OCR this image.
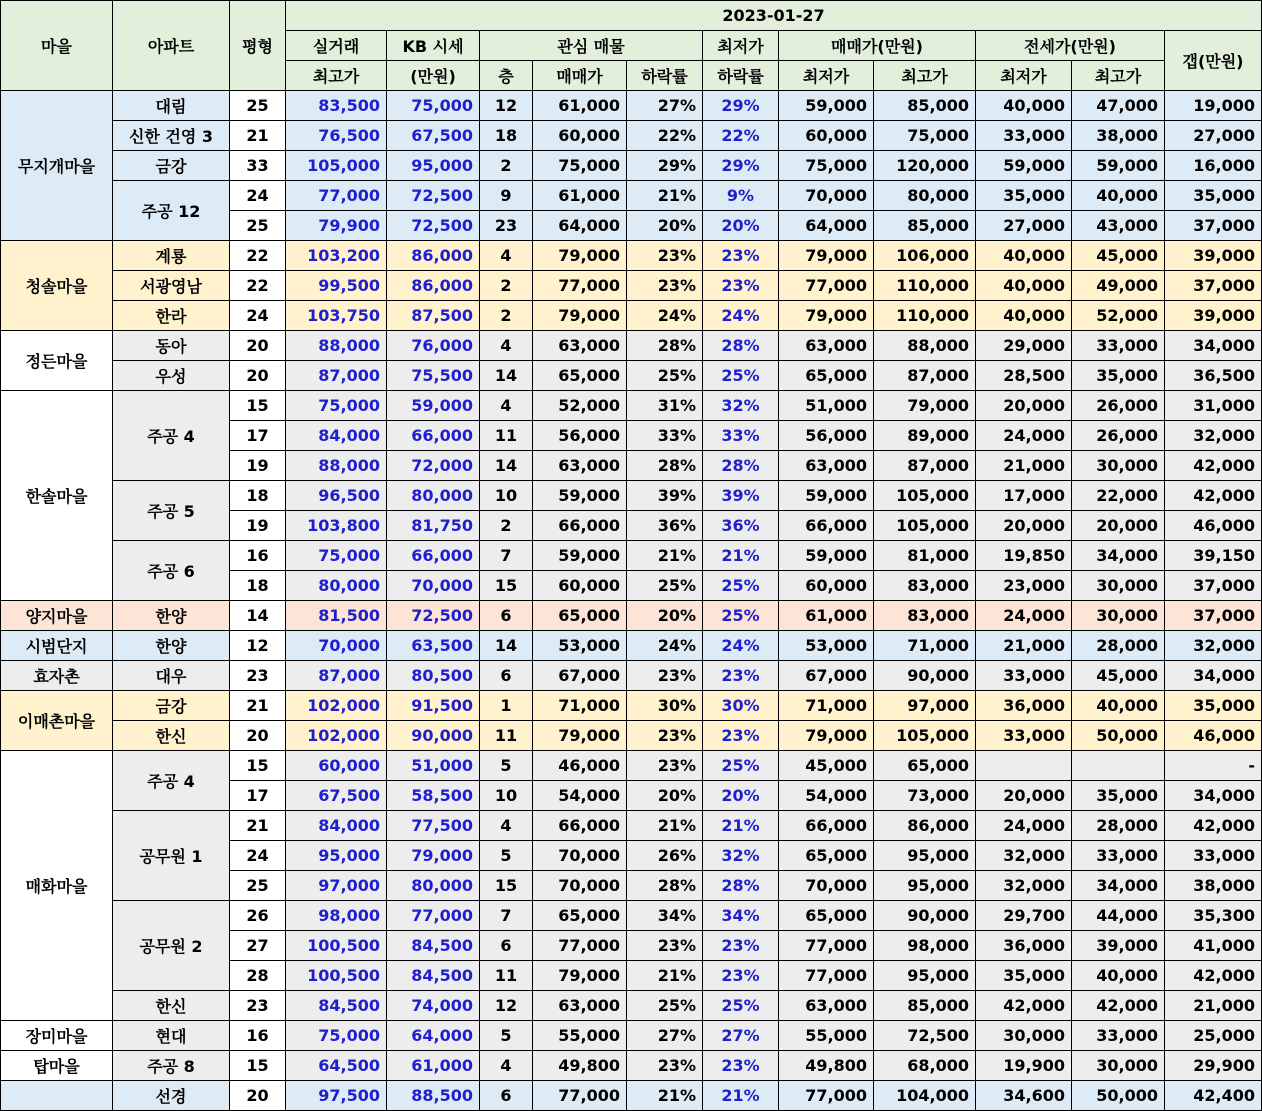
마을	아파트	평형	2023-01-27										
			실거래	KB 시세	관심 매물			최저가	매매가(만원)		전세가(만원)		갭(만원)
			최고가	(만원)	층	매매가	하락률	하락률	최저가	최고가	최저가	최고가	
무지개마을	대림	25	83,500	75,000	12	61,000	27%	29%	59,000	85,000	40,000	47,000	19,000
	신한 건영 3	21	76,500	67,500	18	60,000	22%	22%	60,000	75,000	33,000	38,000	27,000
	금강	33	105,000	95,000	2	75,000	29%	29%	75,000	120,000	59,000	59,000	16,000
	주공 12	24	77,000	72,500	9	61,000	21%	9%	70,000	80,000	35,000	40,000	35,000
		25	79,900	72,500	23	64,000	20%	20%	64,000	85,000	27,000	43,000	37,000
청솔마을	계룡	22	103,200	86,000	4	79,000	23%	23%	79,000	106,000	40,000	45,000	39,000
	서광영남	22	99,500	86,000	2	77,000	23%	23%	77,000	110,000	40,000	49,000	37,000
	한라	24	103,750	87,500	2	79,000	24%	24%	79,000	110,000	40,000	52,000	39,000
정든마을	동아	20	88,000	76,000	4	63,000	28%	28%	63,000	88,000	29,000	33,000	34,000
	우성	20	87,000	75,500	14	65,000	25%	25%	65,000	87,000	28,500	35,000	36,500
한솔마을	주공 4	15	75,000	59,000	4	52,000	31%	32%	51,000	79,000	20,000	26,000	31,000
		17	84,000	66,000	11	56,000	33%	33%	56,000	89,000	24,000	26,000	32,000
		19	88,000	72,000	14	63,000	28%	28%	63,000	87,000	21,000	30,000	42,000
	주공 5	18	96,500	80,000	10	59,000	39%	39%	59,000	105,000	17,000	22,000	42,000
		19	103,800	81,750	2	66,000	36%	36%	66,000	105,000	20,000	20,000	46,000
	주공 6	16	75,000	66,000	7	59,000	21%	21%	59,000	81,000	19,850	34,000	39,150
		18	80,000	70,000	15	60,000	25%	25%	60,000	83,000	23,000	30,000	37,000
양지마을	한양	14	81,500	72,500	6	65,000	20%	25%	61,000	83,000	24,000	30,000	37,000
시범단지	한양	12	70,000	63,500	14	53,000	24%	24%	53,000	71,000	21,000	28,000	32,000
효자촌	대우	23	87,000	80,500	6	67,000	23%	23%	67,000	90,000	33,000	45,000	34,000
이매촌마을	금강	21	102,000	91,500	1	71,000	30%	30%	71,000	97,000	36,000	40,000	35,000
	한신	20	102,000	90,000	11	79,000	23%	23%	79,000	105,000	33,000	50,000	46,000
매화마을	주공 4	15	60,000	51,000	5	46,000	23%	25%	45,000	65,000			-
		17	67,500	58,500	10	54,000	20%	20%	54,000	73,000	20,000	35,000	34,000
	공무원 1	21	84,000	77,500	4	66,000	21%	21%	66,000	86,000	24,000	28,000	42,000
		24	95,000	79,000	5	70,000	26%	32%	65,000	95,000	32,000	33,000	33,000
		25	97,000	80,000	15	70,000	28%	28%	70,000	95,000	32,000	34,000	38,000
	공무원 2	26	98,000	77,000	7	65,000	34%	34%	65,000	90,000	29,700	44,000	35,300
		27	100,500	84,500	6	77,000	23%	23%	77,000	98,000	36,000	39,000	41,000
		28	100,500	84,500	11	79,000	21%	23%	77,000	95,000	35,000	40,000	42,000
	한신	23	84,500	74,000	12	63,000	25%	25%	63,000	85,000	42,000	42,000	21,000
장미마을	현대	16	75,000	64,000	5	55,000	27%	27%	55,000	72,500	30,000	33,000	25,000
탑마을	주공 8	15	64,500	61,000	4	49,800	23%	23%	49,800	68,000	19,900	30,000	29,900
	선경	20	97,500	88,500	6	77,000	21%	21%	77,000	104,000	34,600	50,000	42,400
